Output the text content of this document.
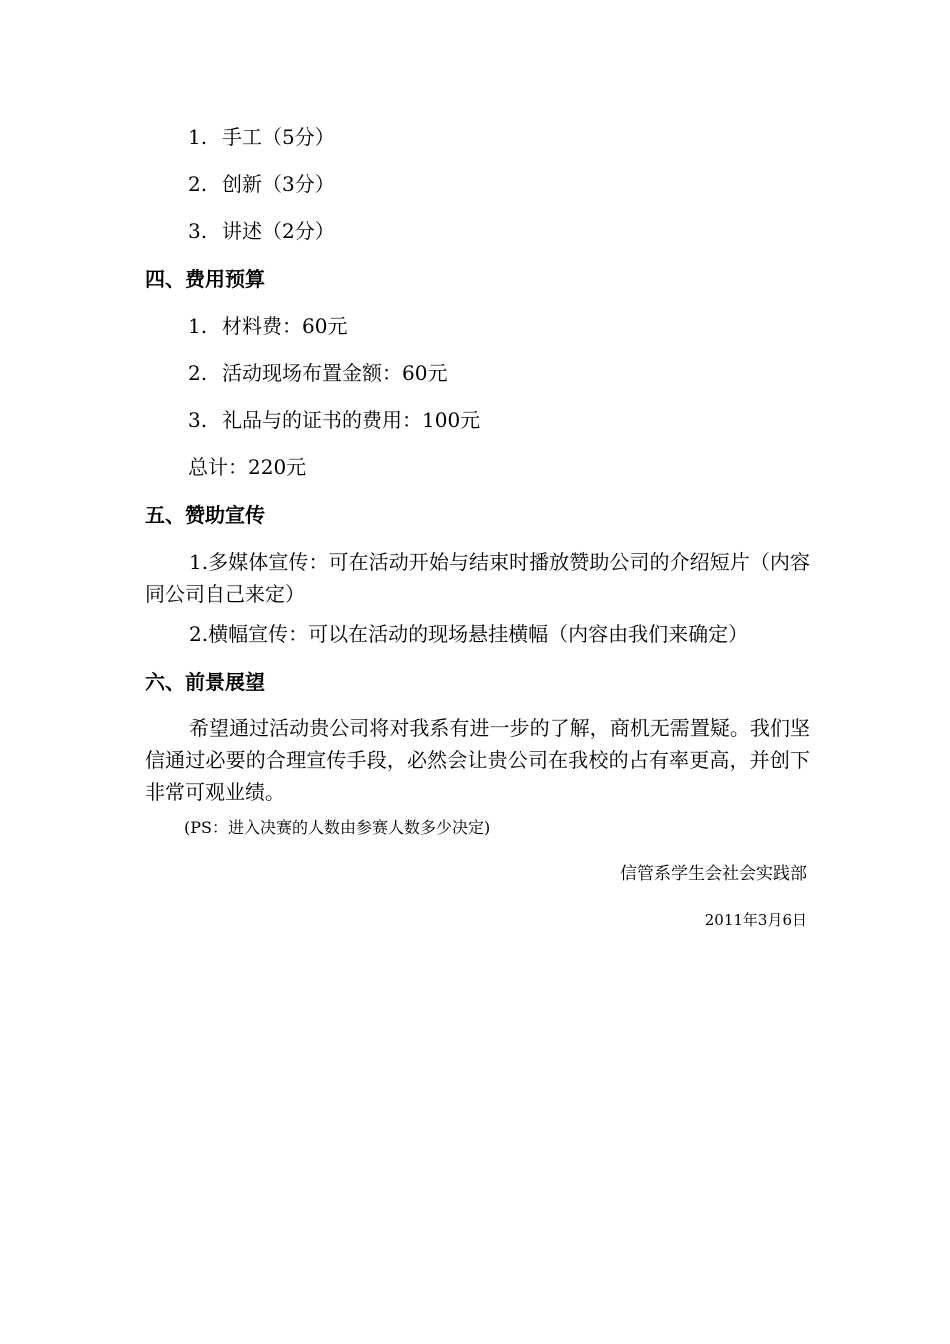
1. 手工（5分）
2. 创新（3分）
3. 讲述（2分）
四、费用预算
1. 材料费：60元
2. 活动现场布置金额：60元
3. 礼品与的证书的费用：100元
总计：220元
五、赞助宣传
1.多媒体宣传：可在活动开始与结束时播放赞助公司的介绍短片（内容同公司自己来定）
2.横幅宣传：可以在活动的现场悬挂横幅（内容由我们来确定）
六、前景展望
希望通过活动贵公司将对我系有进一步的了解，商机无需置疑。我们坚信通过必要的合理宣传手段，必然会让贵公司在我校的占有率更高，并创下非常可观业绩。
(PS：进入决赛的人数由参赛人数多少决定)
信管系学生会社会实践部
2011年3月6日
